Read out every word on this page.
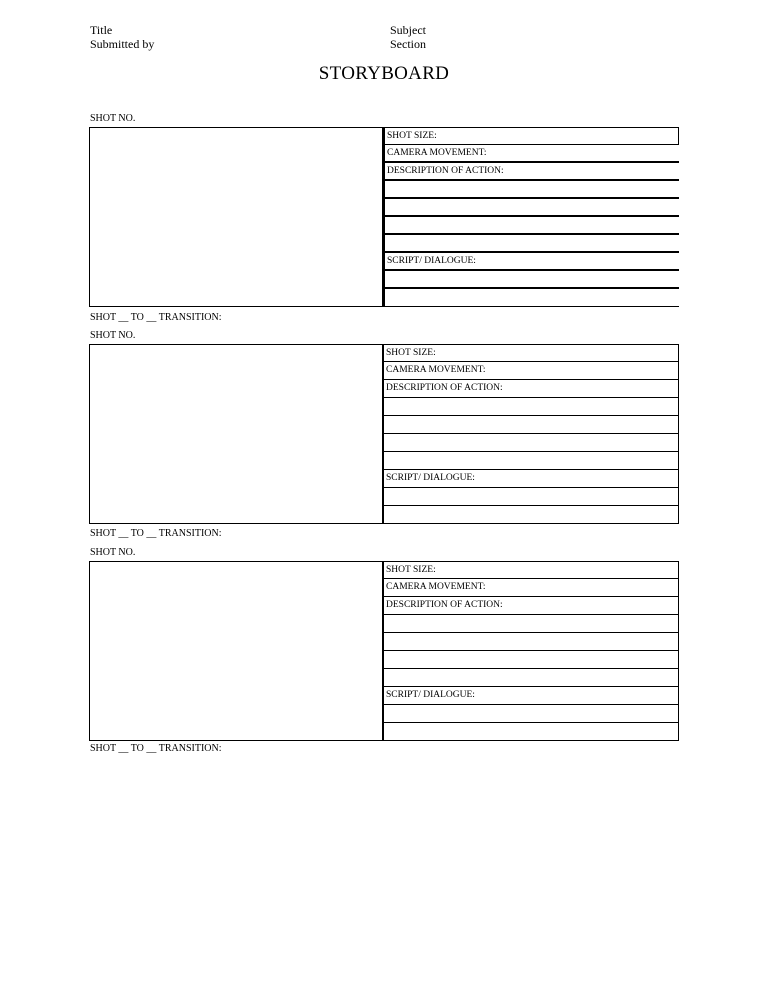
Title
Submitted by
Subject
Section
STORYBOARD
SHOT NO.
SHOT SIZE:
CAMERA MOVEMENT:
DESCRIPTION OF ACTION:
SCRIPT/ DIALOGUE:
SHOT __ TO __ TRANSITION:
SHOT NO.
SHOT SIZE:
CAMERA MOVEMENT:
DESCRIPTION OF ACTION:
SCRIPT/ DIALOGUE:
SHOT __ TO __ TRANSITION:
SHOT NO.
SHOT SIZE:
CAMERA MOVEMENT:
DESCRIPTION OF ACTION:
SCRIPT/ DIALOGUE:
SHOT __ TO __ TRANSITION:
